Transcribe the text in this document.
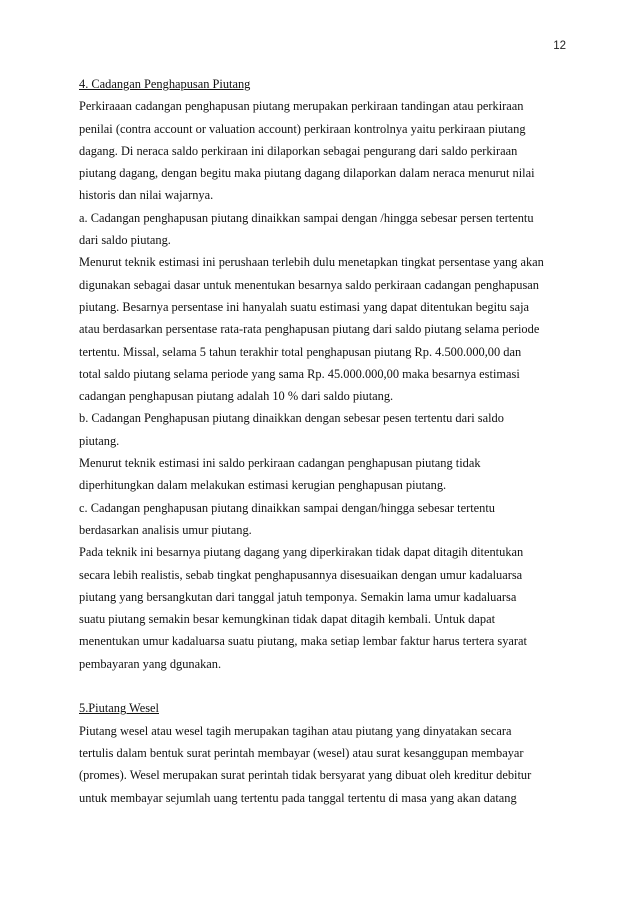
12
4. Cadangan Penghapusan Piutang
Perkiraaan cadangan penghapusan piutang merupakan perkiraan tandingan atau perkiraan
penilai (contra account or valuation account) perkiraan kontrolnya yaitu perkiraan piutang
dagang. Di neraca saldo perkiraan ini dilaporkan sebagai pengurang dari saldo perkiraan
piutang dagang, dengan begitu maka piutang dagang dilaporkan dalam neraca menurut nilai
historis dan nilai wajarnya.
a. Cadangan penghapusan piutang dinaikkan sampai dengan /hingga sebesar persen tertentu
dari saldo piutang.
Menurut teknik estimasi ini perushaan terlebih dulu menetapkan tingkat persentase yang akan
digunakan sebagai dasar untuk menentukan besarnya saldo perkiraan cadangan penghapusan
piutang. Besarnya persentase ini hanyalah suatu estimasi yang dapat ditentukan begitu saja
atau berdasarkan persentase rata-rata penghapusan piutang dari saldo piutang selama periode
tertentu. Missal, selama 5 tahun terakhir total penghapusan piutang Rp. 4.500.000,00 dan
total saldo piutang selama periode yang sama Rp. 45.000.000,00 maka besarnya estimasi
cadangan penghapusan piutang adalah 10 % dari saldo piutang.
b. Cadangan Penghapusan piutang dinaikkan dengan sebesar pesen tertentu dari saldo
piutang.
Menurut teknik estimasi ini saldo perkiraan cadangan penghapusan piutang tidak
diperhitungkan dalam melakukan estimasi kerugian penghapusan piutang.
c. Cadangan penghapusan piutang dinaikkan sampai dengan/hingga sebesar tertentu
berdasarkan analisis umur piutang.
Pada teknik ini besarnya piutang dagang yang diperkirakan tidak dapat ditagih ditentukan
secara lebih realistis, sebab tingkat penghapusannya disesuaikan dengan umur kadaluarsa
piutang yang bersangkutan dari tanggal jatuh temponya. Semakin lama umur kadaluarsa
suatu piutang semakin besar kemungkinan tidak dapat ditagih kembali. Untuk dapat
menentukan umur kadaluarsa suatu piutang, maka setiap lembar faktur harus tertera syarat
pembayaran yang dgunakan.
5.Piutang Wesel
Piutang wesel atau wesel tagih merupakan tagihan atau piutang yang dinyatakan secara
tertulis dalam bentuk surat perintah membayar (wesel) atau surat kesanggupan membayar
(promes). Wesel merupakan surat perintah tidak bersyarat yang dibuat oleh kreditur debitur
untuk membayar sejumlah uang tertentu pada tanggal tertentu di masa yang akan datang
